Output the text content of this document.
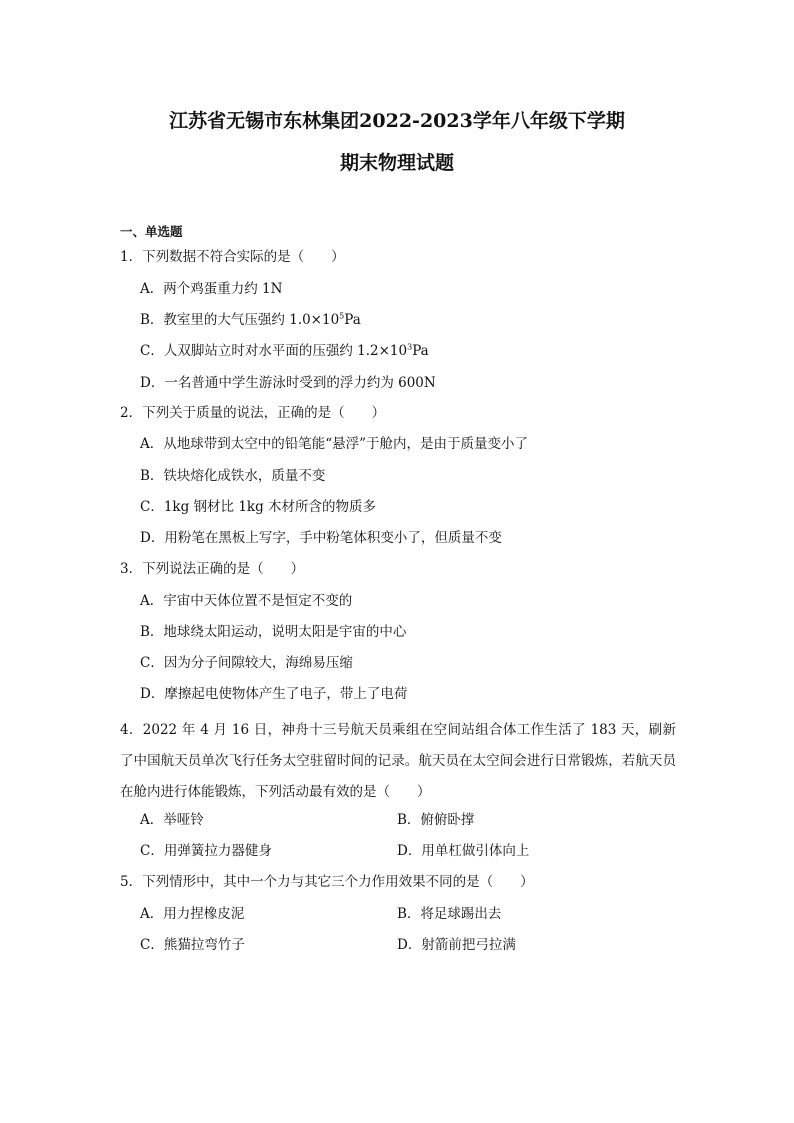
江苏省无锡市东林集团2022-2023学年八年级下学期
期末物理试题
一、单选题
1．下列数据不符合实际的是（　　）
A．两个鸡蛋重力约 1N
B．教室里的大气压强约 $1.0\times 10^5Pa$
C．人双脚站立时对水平面的压强约 $1.2\times 10^3Pa$
D．一名普通中学生游泳时受到的浮力约为 600N
2．下列关于质量的说法，正确的是（　　）
A．从地球带到太空中的铅笔能“悬浮”于舱内，是由于质量变小了
B．铁块熔化成铁水，质量不变
C．1kg 钢材比 1kg 木材所含的物质多
D．用粉笔在黑板上写字，手中粉笔体积变小了，但质量不变
3．下列说法正确的是（　　）
A．宇宙中天体位置不是恒定不变的
B．地球绕太阳运动，说明太阳是宇宙的中心
C．因为分子间隙较大，海绵易压缩
D．摩擦起电使物体产生了电子，带上了电荷
4．2022 年 4 月 16 日，神舟十三号航天员乘组在空间站组合体工作生活了 183 天，刷新了中国航天员单次飞行任务太空驻留时间的记录。航天员在太空间会进行日常锻炼，若航天员在舱内进行体能锻炼，下列活动最有效的是（　　）
A．举哑铃	B．俯俯卧撑
C．用弹簧拉力器健身	D．用单杠做引体向上
5．下列情形中，其中一个力与其它三个力作用效果不同的是（　　）
A．用力捏橡皮泥	B．将足球踢出去
C．熊猫拉弯竹子	D．射箭前把弓拉满
